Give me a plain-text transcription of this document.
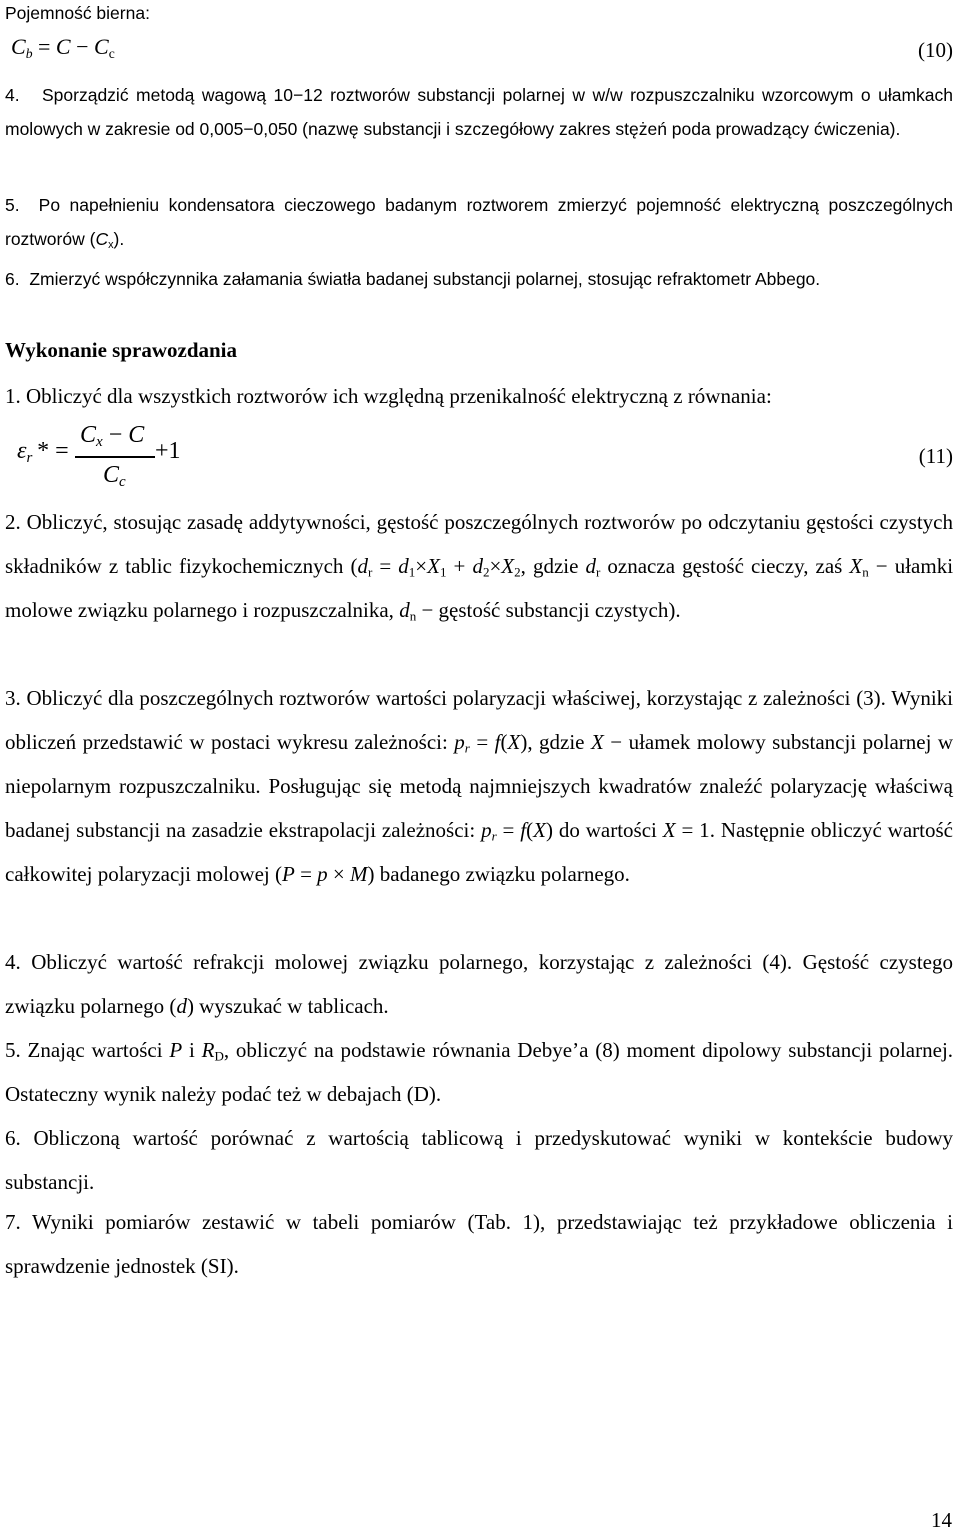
Pojemność bierna:
$C_b = C - C_c$	(10)
4. Sporządzić metodą wagową 10−12 roztworów substancji polarnej w w/w rozpuszczalniku wzorcowym o ułamkach molowych w zakresie od 0,005−0,050 (nazwę substancji i szczegółowy zakres stężeń poda prowadzący ćwiczenia).
5. Po napełnieniu kondensatora cieczowego badanym roztworem zmierzyć pojemność elektryczną poszczególnych roztworów $(C_x)$.
6. Zmierzyć współczynnika załamania światła badanej substancji polarnej, stosując refraktometr Abbego.
Wykonanie sprawozdania
1. Obliczyć dla wszystkich roztworów ich względną przenikalność elektryczną z równania:
$\varepsilon_r$ * =
$C_x - C$
$C_c$
+1	(11)
2. Obliczyć, stosując zasadę addytywności, gęstość poszczególnych roztworów po odczytaniu gęstości czystych składników z tablic fizykochemicznych ($d_r = d_1\times X_1 + d_2\times X_2$, gdzie $d_r$ oznacza gęstość cieczy, zaś $X_n$ − ułamki molowe związku polarnego i rozpuszczalnika, $d_n$ − gęstość substancji czystych).
3. Obliczyć dla poszczególnych roztworów wartości polaryzacji właściwej, korzystając z zależności (3). Wyniki obliczeń przedstawić w postaci wykresu zależności: $p_r = f(X)$, gdzie X − ułamek molowy substancji polarnej w niepolarnym rozpuszczalniku. Posługując się metodą najmniejszych kwadratów znaleźć polaryzację właściwą badanej substancji na zasadzie ekstrapolacji zależności: $p_r = f(X)$ do wartości X = 1. Następnie obliczyć wartość całkowitej polaryzacji molowej (P = p × M) badanego związku polarnego.
4. Obliczyć wartość refrakcji molowej związku polarnego, korzystając z zależności (4). Gęstość czystego związku polarnego (d) wyszukać w tablicach.
5. Znając wartości P i $R_D$, obliczyć na podstawie równania Debye’a (8) moment dipolowy substancji polarnej. Ostateczny wynik należy podać też w debajach (D).
6. Obliczoną wartość porównać z wartością tablicową i przedyskutować wyniki w kontekście budowy substancji.
7. Wyniki pomiarów zestawić w tabeli pomiarów (Tab. 1), przedstawiając też przykładowe obliczenia i sprawdzenie jednostek (SI).
14
